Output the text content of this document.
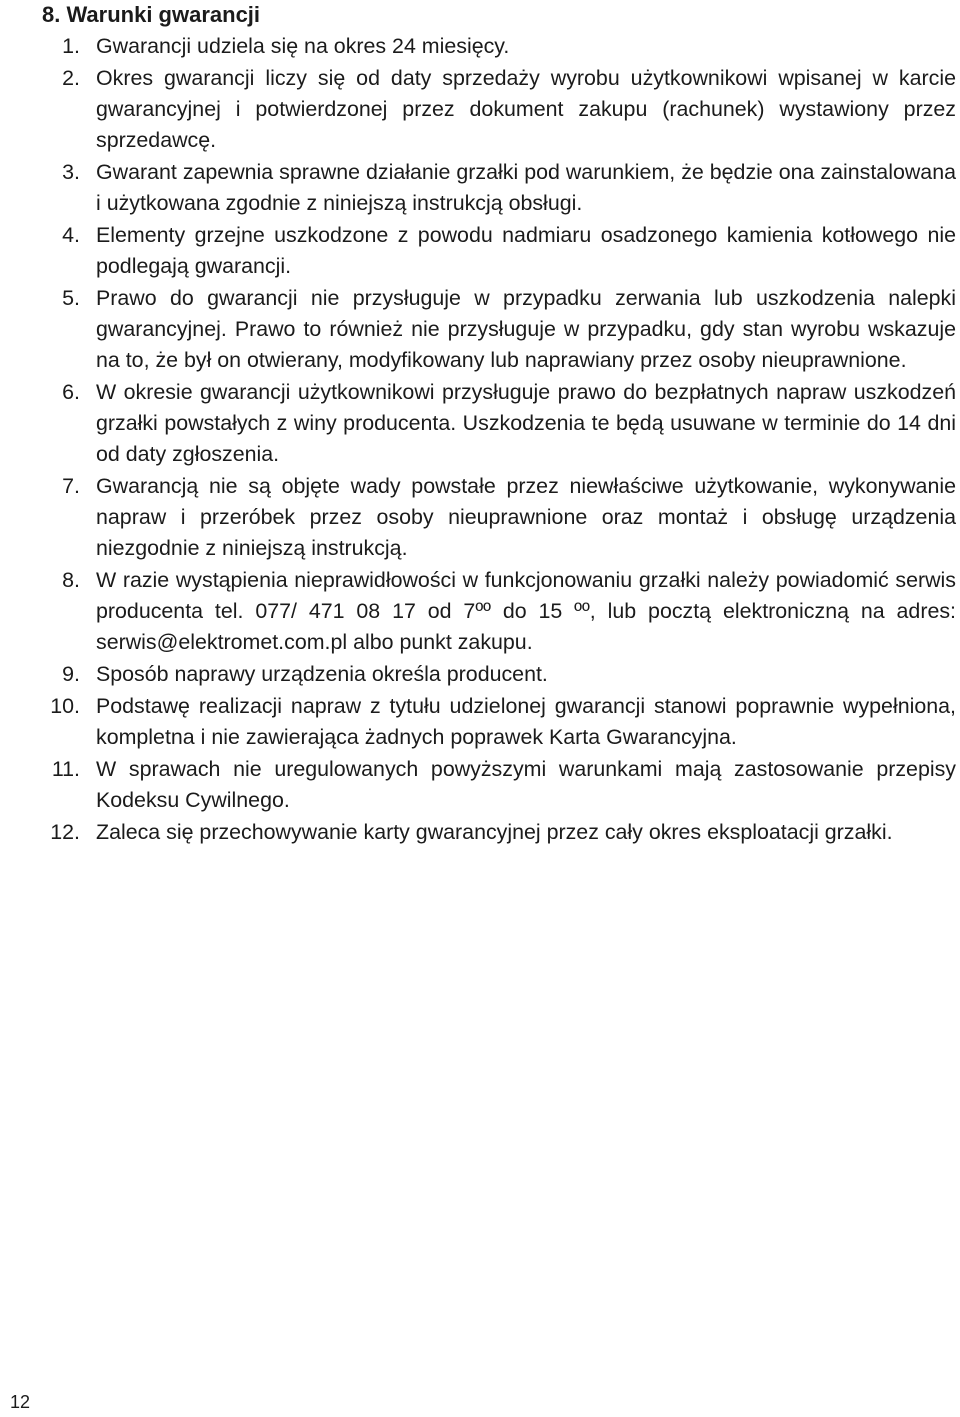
8. Warunki gwarancji
1. Gwarancji udziela się na okres 24 miesięcy.
2. Okres gwarancji liczy się od daty sprzedaży wyrobu użytkownikowi wpisanej w karcie gwarancyjnej i potwierdzonej przez dokument zakupu (rachunek) wystawiony przez sprzedawcę.
3. Gwarant zapewnia sprawne działanie grzałki pod warunkiem, że będzie ona zainstalowana i użytkowana zgodnie z niniejszą instrukcją obsługi.
4. Elementy grzejne uszkodzone z powodu nadmiaru osadzonego kamienia kotłowego nie podlegają gwarancji.
5. Prawo do gwarancji nie przysługuje w przypadku zerwania lub uszkodzenia nalepki gwarancyjnej. Prawo to również nie przysługuje w przypadku, gdy stan wyrobu wskazuje na to, że był on otwierany, modyfikowany lub naprawiany przez osoby nieuprawnione.
6. W okresie gwarancji użytkownikowi przysługuje prawo do bezpłatnych napraw uszkodzeń grzałki powstałych z winy producenta. Uszkodzenia te będą usuwane w terminie do 14 dni od daty zgłoszenia.
7. Gwarancją nie są objęte wady powstałe przez niewłaściwe użytkowanie, wykonywanie napraw i przeróbek przez osoby nieuprawnione oraz montaż i obsługę urządzenia niezgodnie z niniejszą instrukcją.
8. W razie wystąpienia nieprawidłowości w funkcjonowaniu grzałki należy powiadomić serwis producenta tel. 077/ 471 08 17 od 7ºº do 15 ºº, lub pocztą elektroniczną na adres: serwis@elektromet.com.pl albo punkt zakupu.
9. Sposób naprawy urządzenia określa producent.
10. Podstawę realizacji napraw z tytułu udzielonej gwarancji stanowi poprawnie wypełniona, kompletna i nie zawierająca żadnych poprawek Karta Gwarancyjna.
11. W sprawach nie uregulowanych powyższymi warunkami mają zastosowanie przepisy Kodeksu Cywilnego.
12. Zaleca się przechowywanie karty gwarancyjnej przez cały okres eksploatacji grzałki.
12
